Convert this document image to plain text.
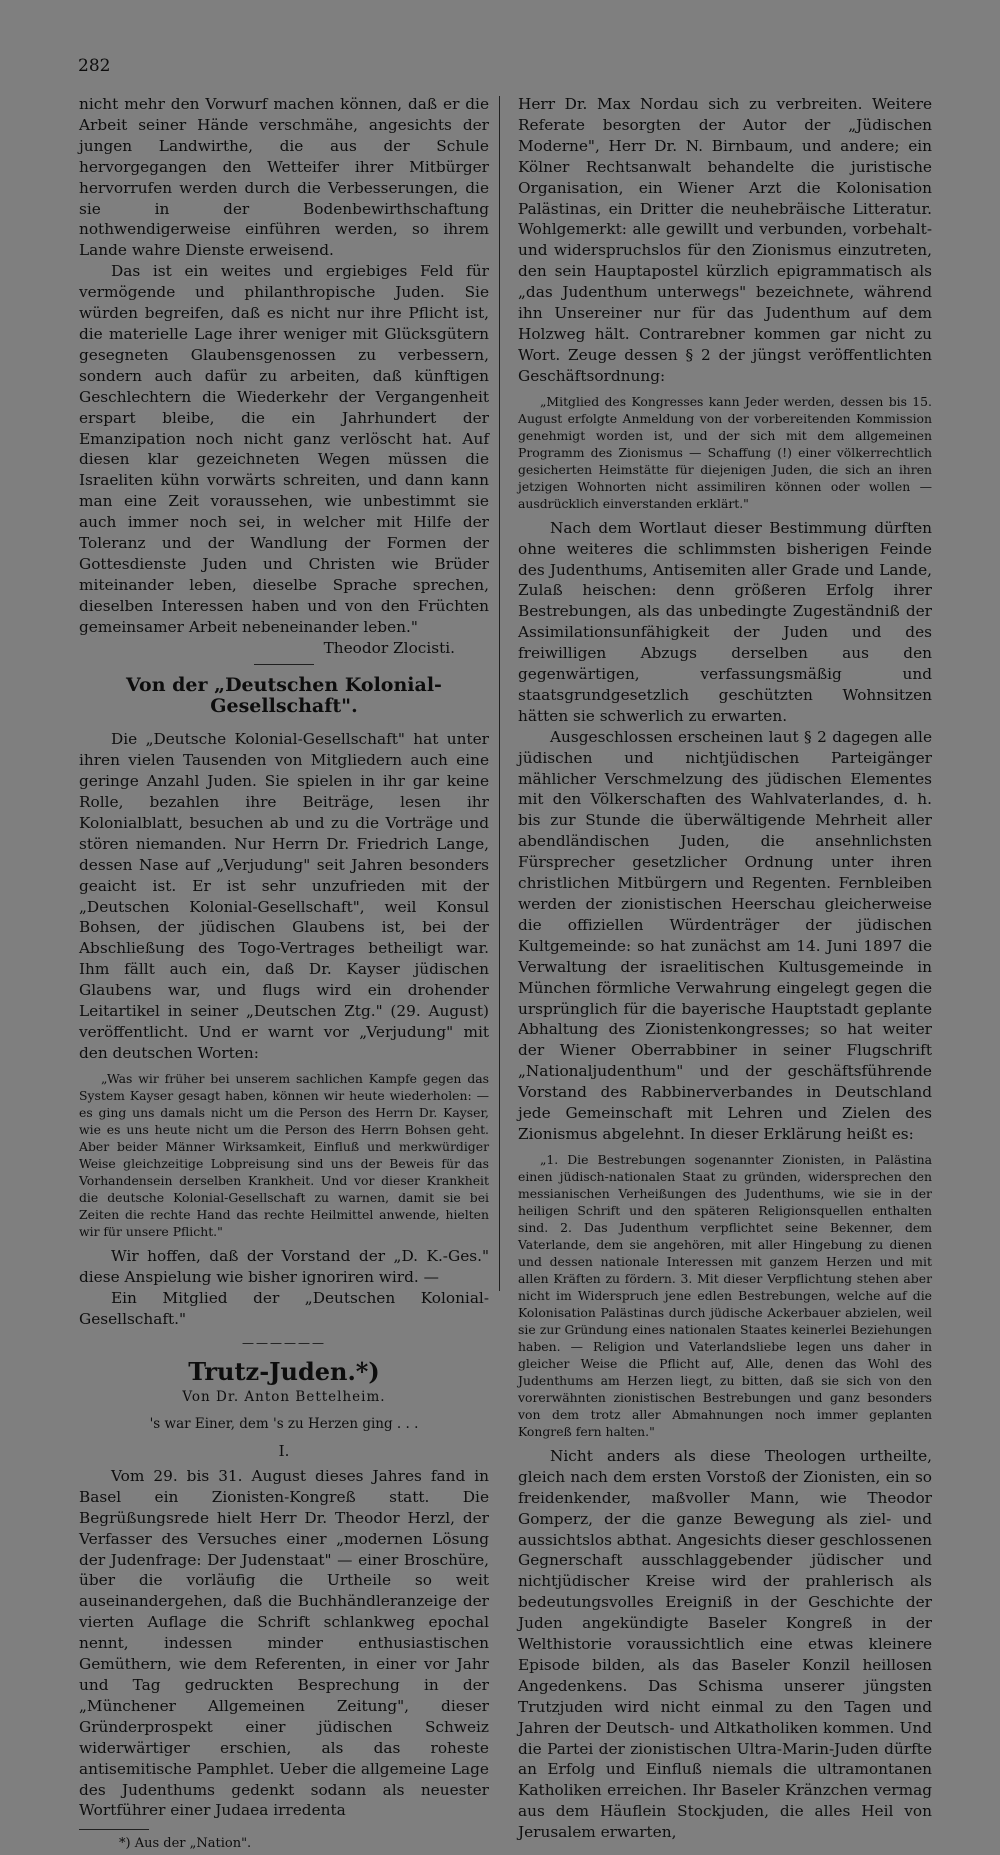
282

nicht mehr den Vorwurf machen können, daß er die Arbeit seiner Hände verschmähe, angesichts der jungen Landwirthe, die aus der Schule hervorgegangen den Wetteifer ihrer Mitbürger hervorrufen werden durch die Verbesserungen, die sie in der Bodenbewirthschaftung nothwendigerweise einführen werden, so ihrem Lande wahre Dienste erweisend.

Das ist ein weites und ergiebiges Feld für vermögende und philanthropische Juden. Sie würden begreifen, daß es nicht nur ihre Pflicht ist, die materielle Lage ihrer weniger mit Glücksgütern gesegneten Glaubensgenossen zu verbessern, sondern auch dafür zu arbeiten, daß künftigen Geschlechtern die Wiederkehr der Vergangenheit erspart bleibe, die ein Jahrhundert der Emanzipation noch nicht ganz verlöscht hat. Auf diesen klar gezeichneten Wegen müssen die Israeliten kühn vorwärts schreiten, und dann kann man eine Zeit voraussehen, wie unbestimmt sie auch immer noch sei, in welcher mit Hilfe der Toleranz und der Wandlung der Formen der Gottesdienste Juden und Christen wie Brüder miteinander leben, dieselbe Sprache sprechen, dieselben Interessen haben und von den Früchten gemeinsamer Arbeit nebeneinander leben."

Theodor Zlocisti.

Von der „Deutschen Kolonial-Gesellschaft".

Die „Deutsche Kolonial-Gesellschaft" hat unter ihren vielen Tausenden von Mitgliedern auch eine geringe Anzahl Juden. Sie spielen in ihr gar keine Rolle, bezahlen ihre Beiträge, lesen ihr Kolonialblatt, besuchen ab und zu die Vorträge und stören niemanden. Nur Herrn Dr. Friedrich Lange, dessen Nase auf „Verjudung" seit Jahren besonders geaicht ist. Er ist sehr unzufrieden mit der „Deutschen Kolonial-Gesellschaft", weil Konsul Bohsen, der jüdischen Glaubens ist, bei der Abschließung des Togo-Vertrages betheiligt war. Ihm fällt auch ein, daß Dr. Kayser jüdischen Glaubens war, und flugs wird ein drohender Leitartikel in seiner „Deutschen Ztg." (29. August) veröffentlicht. Und er warnt vor „Verjudung" mit den deutschen Worten:

„Was wir früher bei unserem sachlichen Kampfe gegen das System Kayser gesagt haben, können wir heute wiederholen: — es ging uns damals nicht um die Person des Herrn Dr. Kayser, wie es uns heute nicht um die Person des Herrn Bohsen geht. Aber beider Männer Wirksamkeit, Einfluß und merkwürdiger Weise gleichzeitige Lobpreisung sind uns der Beweis für das Vorhandensein derselben Krankheit. Und vor dieser Krankheit die deutsche Kolonial-Gesellschaft zu warnen, damit sie bei Zeiten die rechte Hand das rechte Heilmittel anwende, hielten wir für unsere Pflicht."

Wir hoffen, daß der Vorstand der „D. K.-Ges." diese Anspielung wie bisher ignoriren wird. —

Ein Mitglied der „Deutschen Kolonial-Gesellschaft."

——————
Trutz-Juden.*)
Von Dr. Anton Bettelheim.
's war Einer, dem 's zu Herzen ging . . .
I.

Vom 29. bis 31. August dieses Jahres fand in Basel ein Zionisten-Kongreß statt. Die Begrüßungsrede hielt Herr Dr. Theodor Herzl, der Verfasser des Versuches einer „modernen Lösung der Judenfrage: Der Judenstaat" — einer Broschüre, über die vorläufig die Urtheile so weit auseinandergehen, daß die Buchhändleranzeige der vierten Auflage die Schrift schlankweg epochal nennt, indessen minder enthusiastischen Gemüthern, wie dem Referenten, in einer vor Jahr und Tag gedruckten Besprechung in der „Münchener Allgemeinen Zeitung", dieser Gründerprospekt einer jüdischen Schweiz widerwärtiger erschien, als das roheste antisemitische Pamphlet. Ueber die allgemeine Lage des Judenthums gedenkt sodann als neuester Wortführer einer Judaea irredenta

*) Aus der „Nation".

Herr Dr. Max Nordau sich zu verbreiten. Weitere Referate besorgten der Autor der „Jüdischen Moderne", Herr Dr. N. Birnbaum, und andere; ein Kölner Rechtsanwalt behandelte die juristische Organisation, ein Wiener Arzt die Kolonisation Palästinas, ein Dritter die neuhebräische Litteratur. Wohlgemerkt: alle gewillt und verbunden, vorbehalt- und widerspruchslos für den Zionismus einzutreten, den sein Hauptapostel kürzlich epigrammatisch als „das Judenthum unterwegs" bezeichnete, während ihn Unsereiner nur für das Judenthum auf dem Holzweg hält. Contrarebner kommen gar nicht zu Wort. Zeuge dessen § 2 der jüngst veröffentlichten Geschäftsordnung:

„Mitglied des Kongresses kann Jeder werden, dessen bis 15. August erfolgte Anmeldung von der vorbereitenden Kommission genehmigt worden ist, und der sich mit dem allgemeinen Programm des Zionismus — Schaffung (!) einer völkerrechtlich gesicherten Heimstätte für diejenigen Juden, die sich an ihren jetzigen Wohnorten nicht assimiliren können oder wollen — ausdrücklich einverstanden erklärt."

Nach dem Wortlaut dieser Bestimmung dürften ohne weiteres die schlimmsten bisherigen Feinde des Judenthums, Antisemiten aller Grade und Lande, Zulaß heischen: denn größeren Erfolg ihrer Bestrebungen, als das unbedingte Zugeständniß der Assimilationsunfähigkeit der Juden und des freiwilligen Abzugs derselben aus den gegenwärtigen, verfassungsmäßig und staatsgrundgesetzlich geschützten Wohnsitzen hätten sie schwerlich zu erwarten.

Ausgeschlossen erscheinen laut § 2 dagegen alle jüdischen und nichtjüdischen Parteigänger mählicher Verschmelzung des jüdischen Elementes mit den Völkerschaften des Wahlvaterlandes, d. h. bis zur Stunde die überwältigende Mehrheit aller abendländischen Juden, die ansehnlichsten Fürsprecher gesetzlicher Ordnung unter ihren christlichen Mitbürgern und Regenten. Fernbleiben werden der zionistischen Heerschau gleicherweise die offiziellen Würdenträger der jüdischen Kultgemeinde: so hat zunächst am 14. Juni 1897 die Verwaltung der israelitischen Kultusgemeinde in München förmliche Verwahrung eingelegt gegen die ursprünglich für die bayerische Hauptstadt geplante Abhaltung des Zionistenkongresses; so hat weiter der Wiener Oberrabbiner in seiner Flugschrift „Nationaljudenthum" und der geschäftsführende Vorstand des Rabbinerverbandes in Deutschland jede Gemeinschaft mit Lehren und Zielen des Zionismus abgelehnt. In dieser Erklärung heißt es:

„1. Die Bestrebungen sogenannter Zionisten, in Palästina einen jüdisch-nationalen Staat zu gründen, widersprechen den messianischen Verheißungen des Judenthums, wie sie in der heiligen Schrift und den späteren Religionsquellen enthalten sind. 2. Das Judenthum verpflichtet seine Bekenner, dem Vaterlande, dem sie angehören, mit aller Hingebung zu dienen und dessen nationale Interessen mit ganzem Herzen und mit allen Kräften zu fördern. 3. Mit dieser Verpflichtung stehen aber nicht im Widerspruch jene edlen Bestrebungen, welche auf die Kolonisation Palästinas durch jüdische Ackerbauer abzielen, weil sie zur Gründung eines nationalen Staates keinerlei Beziehungen haben. — Religion und Vaterlandsliebe legen uns daher in gleicher Weise die Pflicht auf, Alle, denen das Wohl des Judenthums am Herzen liegt, zu bitten, daß sie sich von den vorerwähnten zionistischen Bestrebungen und ganz besonders von dem trotz aller Abmahnungen noch immer geplanten Kongreß fern halten."

Nicht anders als diese Theologen urtheilte, gleich nach dem ersten Vorstoß der Zionisten, ein so freidenkender, maßvoller Mann, wie Theodor Gomperz, der die ganze Bewegung als ziel- und aussichtslos abthat. Angesichts dieser geschlossenen Gegnerschaft ausschlaggebender jüdischer und nichtjüdischer Kreise wird der prahlerisch als bedeutungsvolles Ereigniß in der Geschichte der Juden angekündigte Baseler Kongreß in der Welthistorie voraussichtlich eine etwas kleinere Episode bilden, als das Baseler Konzil heillosen Angedenkens. Das Schisma unserer jüngsten Trutzjuden wird nicht einmal zu den Tagen und Jahren der Deutsch- und Altkatholiken kommen. Und die Partei der zionistischen Ultra-Marin-Juden dürfte an Erfolg und Einfluß niemals die ultramontanen Katholiken erreichen. Ihr Baseler Kränzchen vermag aus dem Häuflein Stockjuden, die alles Heil von Jerusalem erwarten,
